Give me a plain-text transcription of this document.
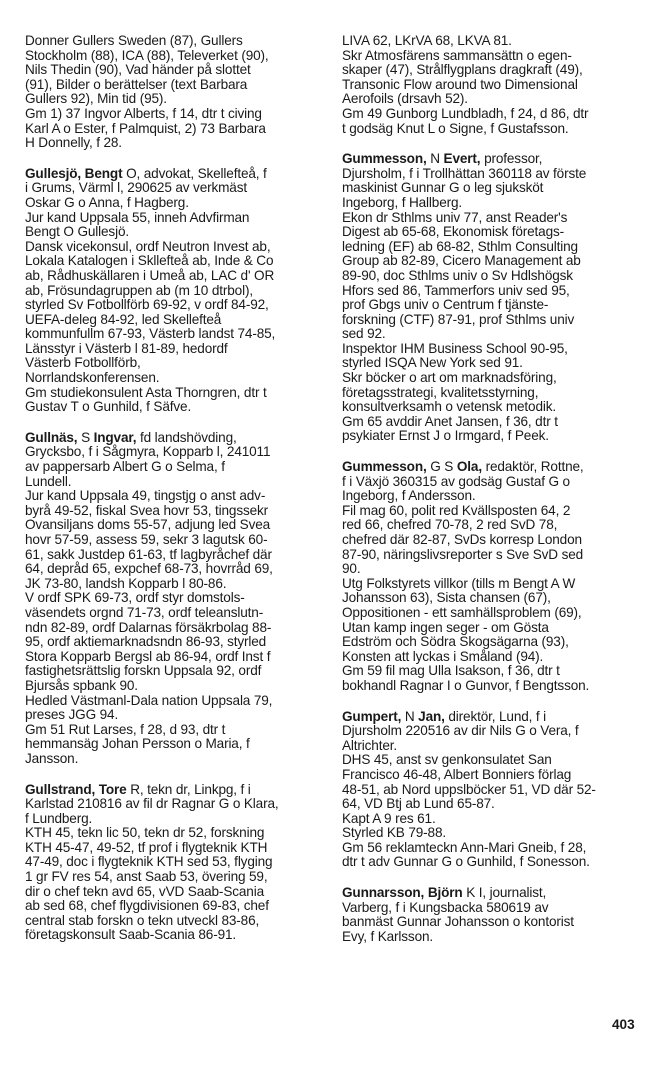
Donner Gullers Sweden (87), Gullers
Stockholm (88), ICA (88), Televerket (90),
Nils Thedin (90), Vad händer på slottet
(91), Bilder o berättelser (text Barbara
Gullers 92), Min tid (95).
Gm 1) 37 Ingvor Alberts, f 14, dtr t civing
Karl A o Ester, f Palmquist, 2) 73 Barbara
H Donnelly, f 28.
Gullesjö, Bengt O, advokat, Skellefteå, f
i Grums, Värml l, 290625 av verkmäst
Oskar G o Anna, f Hagberg.
Jur kand Uppsala 55, inneh Advfirman
Bengt O Gullesjö.
Dansk vicekonsul, ordf Neutron Invest ab,
Lokala Katalogen i Skllefteå ab, Inde & Co
ab, Rådhuskällaren i Umeå ab, LAC d' OR
ab, Frösundagruppen ab (m 10 dtrbol),
styrled Sv Fotbollförb 69-92, v ordf 84-92,
UEFA-deleg 84-92, led Skellefteå
kommunfullm 67-93, Västerb landst 74-85,
Länsstyr i Västerb l 81-89, hedordf
Västerb Fotbollförb,
Norrlandskonferensen.
Gm studiekonsulent Asta Thorngren, dtr t
Gustav T o Gunhild, f Säfve.
Gullnäs, S Ingvar, fd landshövding,
Grycksbo, f i Sågmyra, Kopparb l, 241011
av pappersarb Albert G o Selma, f
Lundell.
Jur kand Uppsala 49, tingstjg o anst adv-
byrå 49-52, fiskal Svea hovr 53, tingssekr
Ovansiljans doms 55-57, adjung led Svea
hovr 57-59, assess 59, sekr 3 lagutsk 60-
61, sakk Justdep 61-63, tf lagbyråchef där
64, depråd 65, expchef 68-73, hovrråd 69,
JK 73-80, landsh Kopparb l 80-86.
V ordf SPK 69-73, ordf styr domstols-
väsendets orgnd 71-73, ordf teleanslutn-
ndn 82-89, ordf Dalarnas försäkrbolag 88-
95, ordf aktiemarknadsndn 86-93, styrled
Stora Kopparb Bergsl ab 86-94, ordf Inst f
fastighetsrättslig forskn Uppsala 92, ordf
Bjursås spbank 90.
Hedled Västmanl-Dala nation Uppsala 79,
preses JGG 94.
Gm 51 Rut Larses, f 28, d 93, dtr t
hemmansäg Johan Persson o Maria, f
Jansson.
Gullstrand, Tore R, tekn dr, Linkpg, f i
Karlstad 210816 av fil dr Ragnar G o Klara,
f Lundberg.
KTH 45, tekn lic 50, tekn dr 52, forskning
KTH 45-47, 49-52, tf prof i flygteknik KTH
47-49, doc i flygteknik KTH sed 53, flyging
1 gr FV res 54, anst Saab 53, övering 59,
dir o chef tekn avd 65, vVD Saab-Scania
ab sed 68, chef flygdivisionen 69-83, chef
central stab forskn o tekn utveckl 83-86,
företagskonsult Saab-Scania 86-91.
LIVA 62, LKrVA 68, LKVA 81.
Skr Atmosfärens sammansättn o egen-
skaper (47), Strålflygplans dragkraft (49),
Transonic Flow around two Dimensional
Aerofoils (drsavh 52).
Gm 49 Gunborg Lundbladh, f 24, d 86, dtr
t godsäg Knut L o Signe, f Gustafsson.
Gummesson, N Evert, professor,
Djursholm, f i Trollhättan 360118 av förste
maskinist Gunnar G o leg sjuksköt
Ingeborg, f Hallberg.
Ekon dr Sthlms univ 77, anst Reader's
Digest ab 65-68, Ekonomisk företags-
ledning (EF) ab 68-82, Sthlm Consulting
Group ab 82-89, Cicero Management ab
89-90, doc Sthlms univ o Sv Hdlshögsk
Hfors sed 86, Tammerfors univ sed 95,
prof Gbgs univ o Centrum f tjänste-
forskning (CTF) 87-91, prof Sthlms univ
sed 92.
Inspektor IHM Business School 90-95,
styrled ISQA New York sed 91.
Skr böcker o art om marknadsföring,
företagsstrategi, kvalitetsstyrning,
konsultverksamh o vetensk metodik.
Gm 65 avddir Anet Jansen, f 36, dtr t
psykiater Ernst J o Irmgard, f Peek.
Gummesson, G S Ola, redaktör, Rottne,
f i Växjö 360315 av godsäg Gustaf G o
Ingeborg, f Andersson.
Fil mag 60, polit red Kvällsposten 64, 2
red 66, chefred 70-78, 2 red SvD 78,
chefred där 82-87, SvDs korresp London
87-90, näringslivsreporter s Sve SvD sed
90.
Utg Folkstyrets villkor (tills m Bengt A W
Johansson 63), Sista chansen (67),
Oppositionen - ett samhällsproblem (69),
Utan kamp ingen seger - om Gösta
Edström och Södra Skogsägarna (93),
Konsten att lyckas i Småland (94).
Gm 59 fil mag Ulla Isakson, f 36, dtr t
bokhandl Ragnar I o Gunvor, f Bengtsson.
Gumpert, N Jan, direktör, Lund, f i
Djursholm 220516 av dir Nils G o Vera, f
Altrichter.
DHS 45, anst sv genkonsulatet San
Francisco 46-48, Albert Bonniers förlag
48-51, ab Nord uppslböcker 51, VD där 52-
64, VD Btj ab Lund 65-87.
Kapt A 9 res 61.
Styrled KB 79-88.
Gm 56 reklamteckn Ann-Mari Gneib, f 28,
dtr t adv Gunnar G o Gunhild, f Sonesson.
Gunnarsson, Björn K I, journalist,
Varberg, f i Kungsbacka 580619 av
banmäst Gunnar Johansson o kontorist
Evy, f Karlsson.
403
